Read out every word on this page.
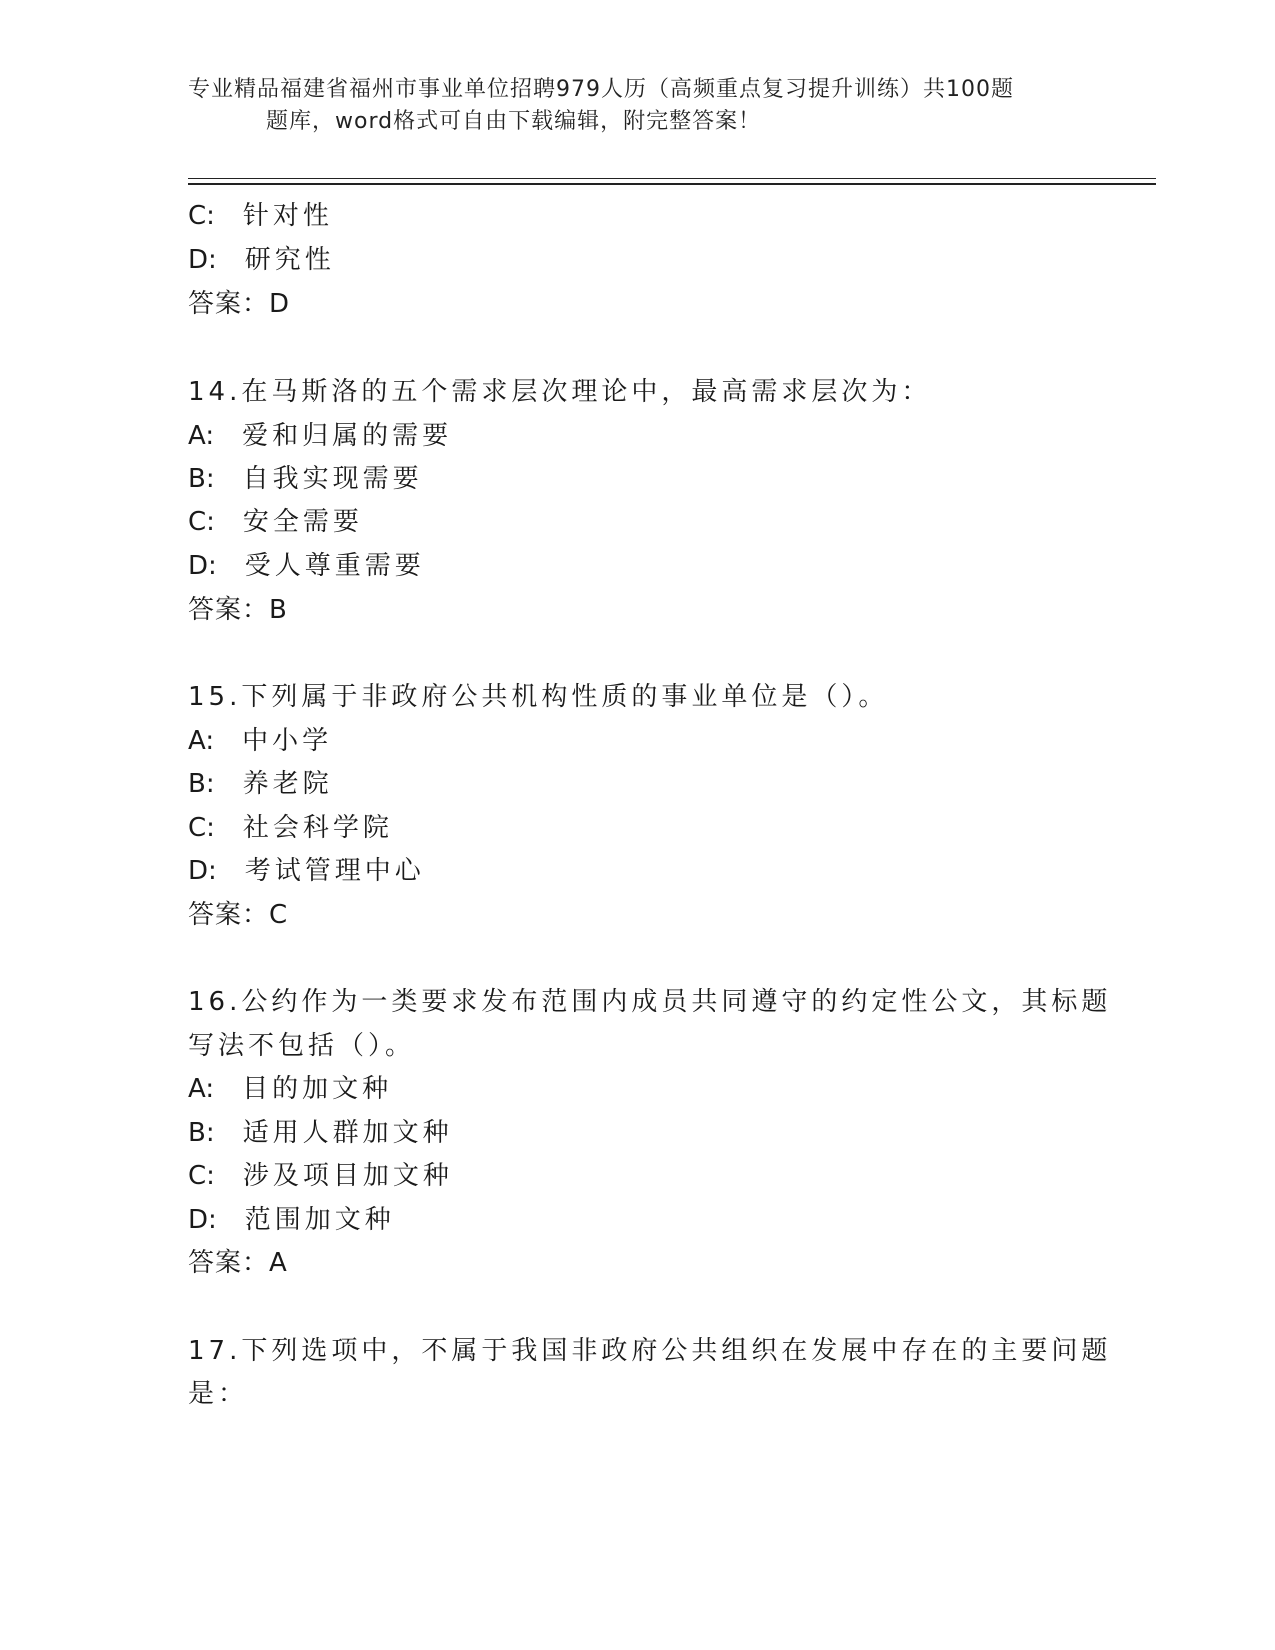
专业精品福建省福州市事业单位招聘979人历（高频重点复习提升训练）共100题
题库，word格式可自由下载编辑，附完整答案！
C: 针对性
D: 研究性
答案：D
14.在马斯洛的五个需求层次理论中，最高需求层次为：
A: 爱和归属的需要
B: 自我实现需要
C: 安全需要
D: 受人尊重需要
答案：B
15.下列属于非政府公共机构性质的事业单位是（）。
A: 中小学
B: 养老院
C: 社会科学院
D: 考试管理中心
答案：C
16.公约作为一类要求发布范围内成员共同遵守的约定性公文，其标题
写法不包括（）。
A: 目的加文种
B: 适用人群加文种
C: 涉及项目加文种
D: 范围加文种
答案：A
17.下列选项中，不属于我国非政府公共组织在发展中存在的主要问题
是：
